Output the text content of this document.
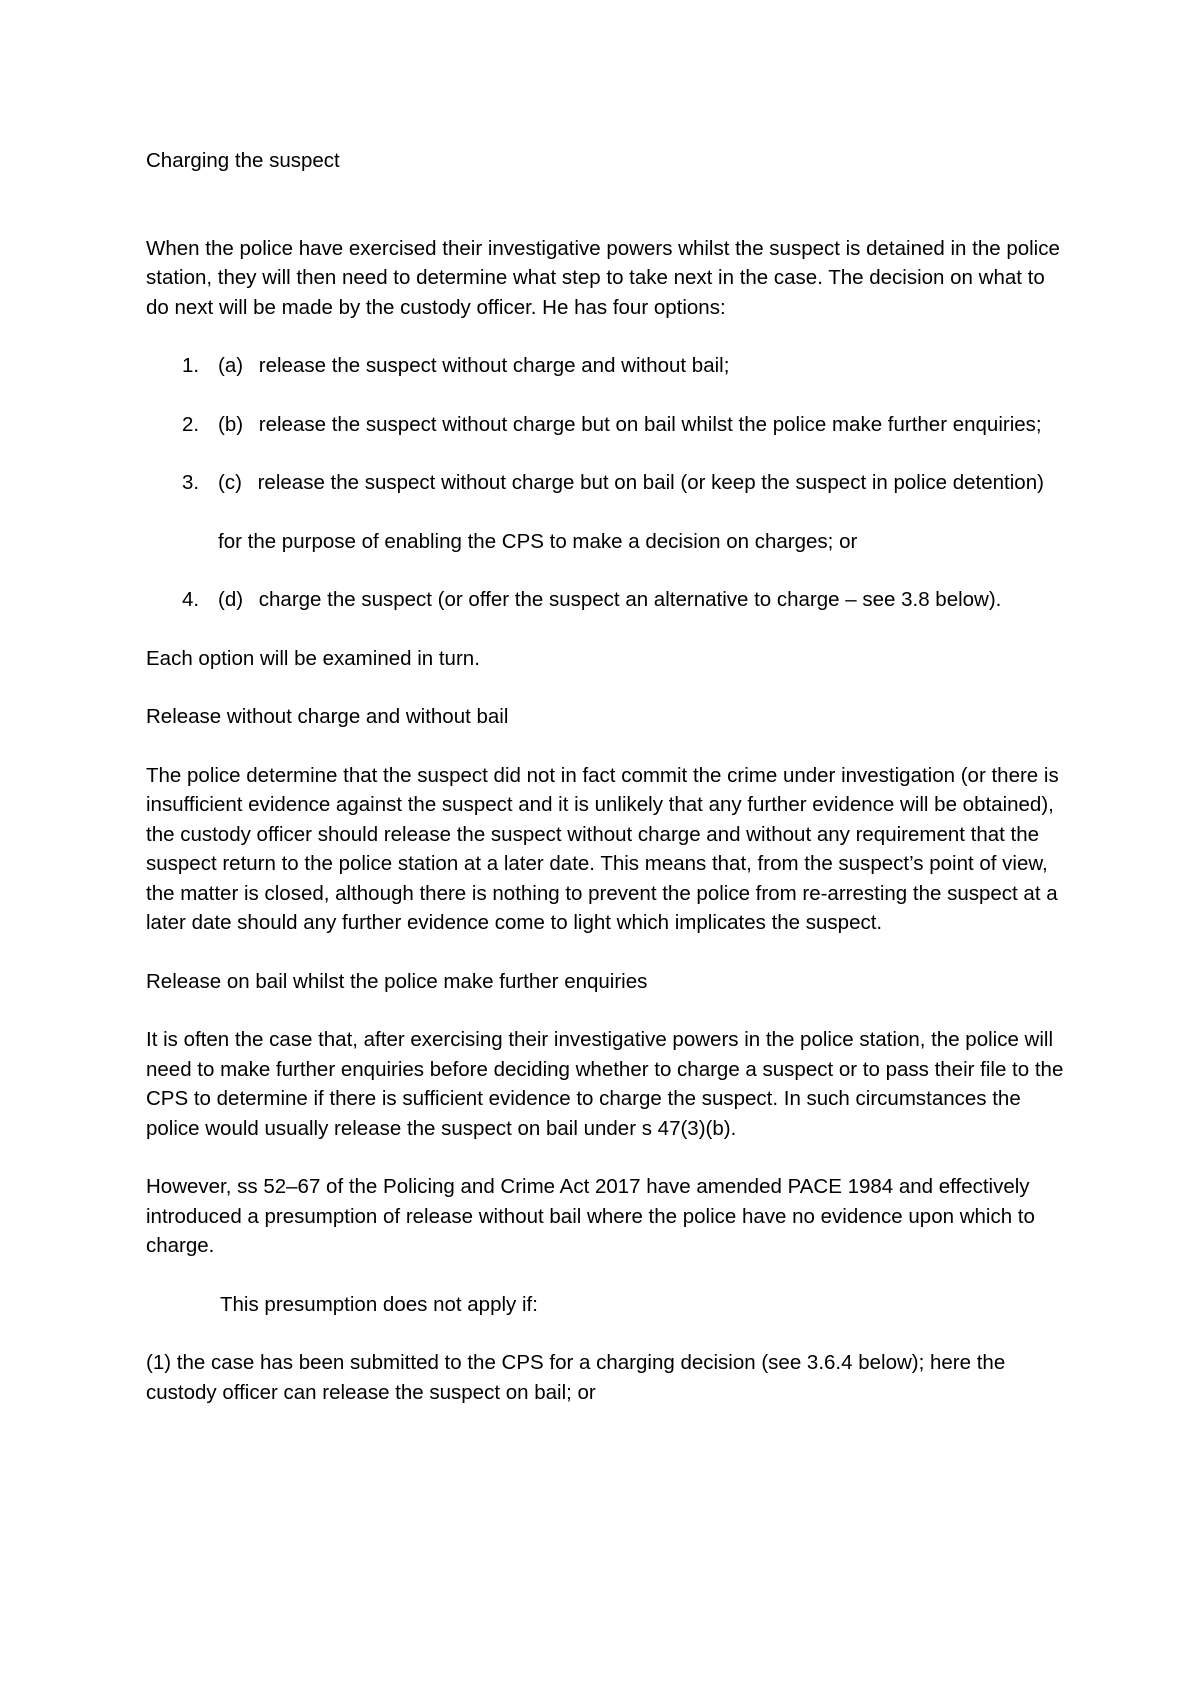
Charging the suspect

When the police have exercised their investigative powers whilst the suspect is detained in the police station, they will then need to determine what step to take next in the case. The decision on what to do next will be made by the custody officer. He has four options:

1. (a) release the suspect without charge and without bail;
2. (b) release the suspect without charge but on bail whilst the police make further enquiries;
3. (c) release the suspect without charge but on bail (or keep the suspect in police detention)

for the purpose of enabling the CPS to make a decision on charges; or

4. (d) charge the suspect (or offer the suspect an alternative to charge – see 3.8 below).

Each option will be examined in turn.

Release without charge and without bail

The police determine that the suspect did not in fact commit the crime under investigation (or there is insufficient evidence against the suspect and it is unlikely that any further evidence will be obtained), the custody officer should release the suspect without charge and without any requirement that the suspect return to the police station at a later date. This means that, from the suspect’s point of view, the matter is closed, although there is nothing to prevent the police from re-arresting the suspect at a later date should any further evidence come to light which implicates the suspect.

Release on bail whilst the police make further enquiries

It is often the case that, after exercising their investigative powers in the police station, the police will need to make further enquiries before deciding whether to charge a suspect or to pass their file to the CPS to determine if there is sufficient evidence to charge the suspect. In such circumstances the police would usually release the suspect on bail under s 47(3)(b).

However, ss 52–67 of the Policing and Crime Act 2017 have amended PACE 1984 and effectively introduced a presumption of release without bail where the police have no evidence upon which to charge.

This presumption does not apply if:

(1) the case has been submitted to the CPS for a charging decision (see 3.6.4 below); here the custody officer can release the suspect on bail; or
